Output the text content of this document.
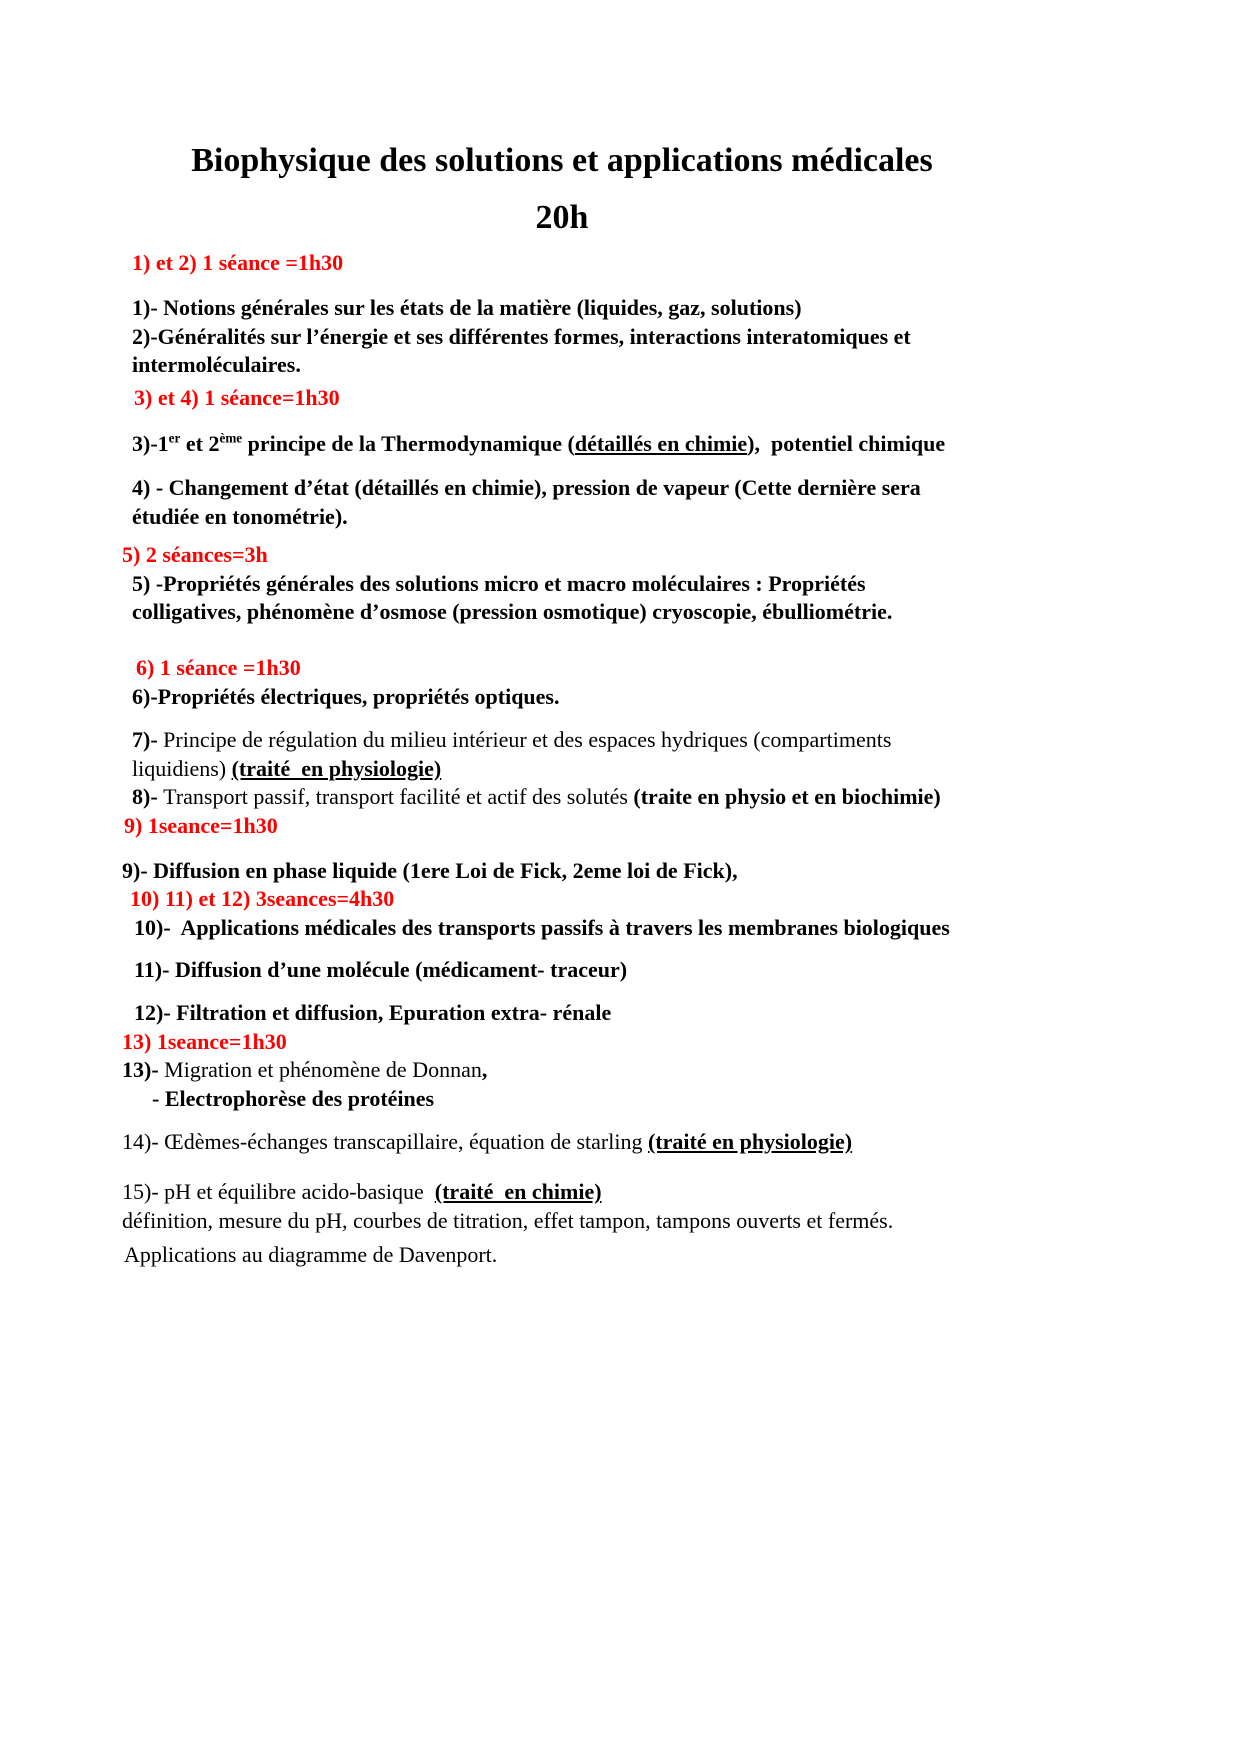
Biophysique des solutions et applications médicales
20h

1) et 2) 1 séance =1h30

1)- Notions générales sur les états de la matière (liquides, gaz, solutions)

2)-Généralités sur l’énergie et ses différentes formes, interactions interatomiques et
intermoléculaires.

3) et 4) 1 séance=1h30

3)-1er et 2ème principe de la Thermodynamique (détaillés en chimie),  potentiel chimique

4) - Changement d’état (détaillés en chimie), pression de vapeur (Cette dernière sera
étudiée en tonométrie).

5) 2 séances=3h

5) -Propriétés générales des solutions micro et macro moléculaires : Propriétés
colligatives, phénomène d’osmose (pression osmotique) cryoscopie, ébulliométrie.

6) 1 séance =1h30

6)-Propriétés électriques, propriétés optiques.

7)- Principe de régulation du milieu intérieur et des espaces hydriques (compartiments
liquidiens) (traité  en physiologie)

8)- Transport passif, transport facilité et actif des solutés (traite en physio et en biochimie)

9) 1seance=1h30

9)- Diffusion en phase liquide (1ere Loi de Fick, 2eme loi de Fick),

10) 11) et 12) 3seances=4h30

10)-  Applications médicales des transports passifs à travers les membranes biologiques

11)- Diffusion d’une molécule (médicament- traceur)

12)- Filtration et diffusion, Epuration extra- rénale

13) 1seance=1h30

13)- Migration et phénomène de Donnan,

- Electrophorèse des protéines

14)- Œdèmes-échanges transcapillaire, équation de starling (traité en physiologie)

15)- pH et équilibre acido-basique  (traité  en chimie)

définition, mesure du pH, courbes de titration, effet tampon, tampons ouverts et fermés.

Applications au diagramme de Davenport.
